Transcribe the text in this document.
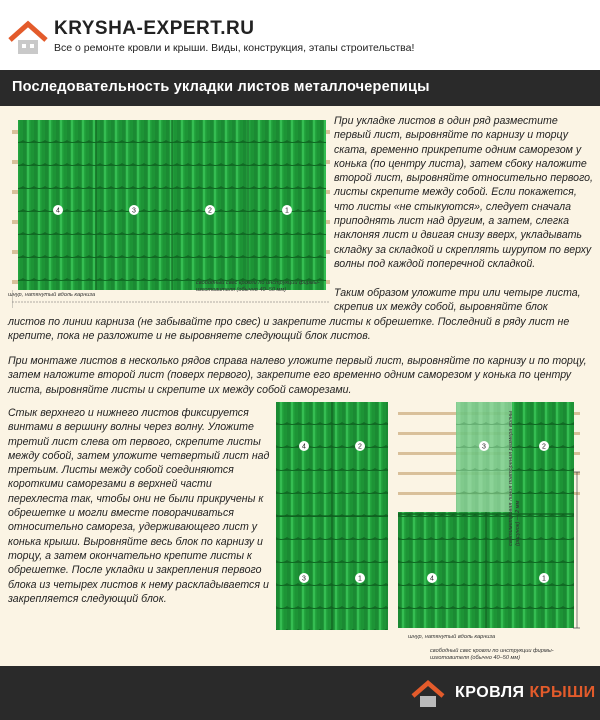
KRYSHA-EXPERT.RU
Все о ремонте кровли и крыши. Виды, конструкция, этапы строительства!
Последовательность укладки листов металлочерепицы
4	3	2	1
шнур, натянутый вдоль карниза
свободный свес кровли по инструкции фирмы-изготовителя (обычно 40–50 мм)
При укладке листов в один ряд разместите первый лист, выровняйте по карнизу и торцу ската, временно прикрепите одним саморезом у конька (по центру листа), затем сбоку наложите второй лист, выровняйте относительно первого, листы скрепите между собой. Если покажется, что листы «не стыкуются», следует сначала приподнять лист над другим, а затем, слегка наклоняя лист и двигая снизу вверх, укладывать складку за складкой и скреплять шурупом по верху волны под каждой поперечной складкой.
Таким образом уложите три или четыре листа, скрепив их между собой, выровняйте блок
листов по линии карниза (не забывайте про свес) и закрепите листы к обрешетке. Последний в ряду лист не крепите, пока не разложите и не выровняете следующий блок листов.
При монтаже листов в несколько рядов справа налево уложите первый лист, выровняйте по карнизу и по торцу, затем наложите второй лист (поверх первого), закрепите его временно одним саморезом у конька по центру листа, выровняйте листы и скрепите их между собой саморезами.
Стык верхнего и нижнего листов фиксируется винтами в вершину волны через волну. Уложите третий лист слева от первого, скрепите листы между собой, затем уложите четвертый лист над третьим. Листы между собой соединяются короткими саморезами в верхней части перехлеста так, чтобы они не были прикручены к обрешетке и могли вместе поворачиваться относительно самореза, удерживающего лист у конька крыши. Выровняйте весь блок по карнизу и торцу, а затем окончательно крепите листы к обрешетке. После укладки и закрепления первого блока из четырех листов к нему раскладывается и закрепляется следующий блок.
4	2
3	1
3	2
4	1
сантиметровая линия повторения размера волны (рисунок) — 2 мм
шнур, натянутый вдоль карниза
свободный свес кровли по инструкции фирмы-изготовителя (обычно 40–50 мм)
КРОВЛЯ КРЫШИ
